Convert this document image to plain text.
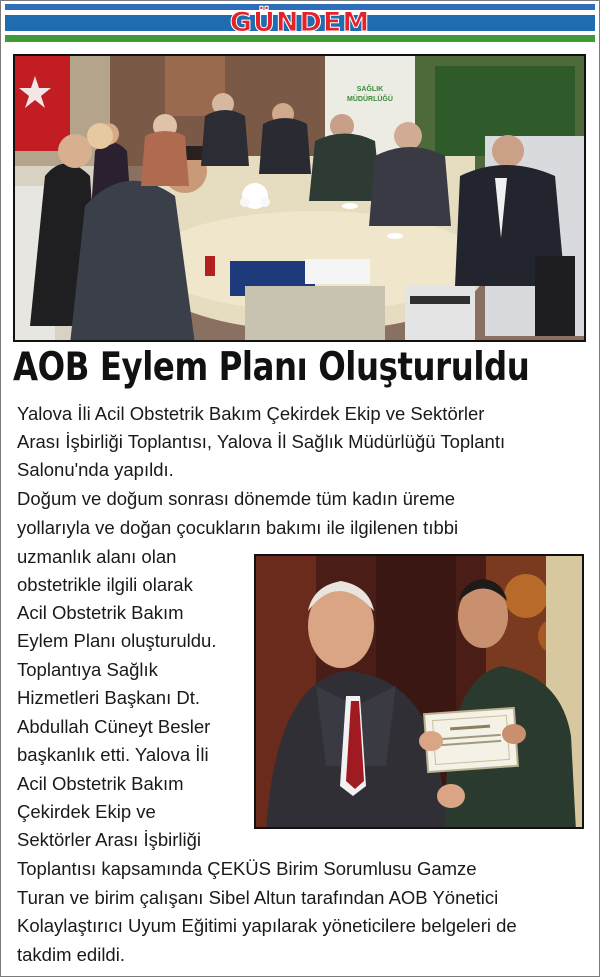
GÜNDEM
SAĞLIK
MÜDÜRLÜĞÜ
AOB Eylem Planı Oluşturuldu
Yalova İli Acil Obstetrik Bakım Çekirdek Ekip ve Sektörler
Arası İşbirliği Toplantısı, Yalova İl Sağlık Müdürlüğü Toplantı
Salonu'nda yapıldı.
Doğum ve doğum sonrası dönemde tüm kadın üreme
yollarıyla ve doğan çocukların bakımı ile ilgilenen tıbbi
uzmanlık alanı olan
obstetrikle ilgili olarak
Acil Obstetrik Bakım
Eylem Planı oluşturuldu.
Toplantıya Sağlık
Hizmetleri Başkanı Dt.
Abdullah Cüneyt Besler
başkanlık etti. Yalova İli
Acil Obstetrik Bakım
Çekirdek Ekip ve
Sektörler Arası İşbirliği
Toplantısı kapsamında ÇEKÜS Birim Sorumlusu Gamze
Turan ve birim çalışanı Sibel Altun tarafından AOB Yönetici
Kolaylaştırıcı Uyum Eğitimi yapılarak yöneticilere belgeleri de
takdim edildi.
